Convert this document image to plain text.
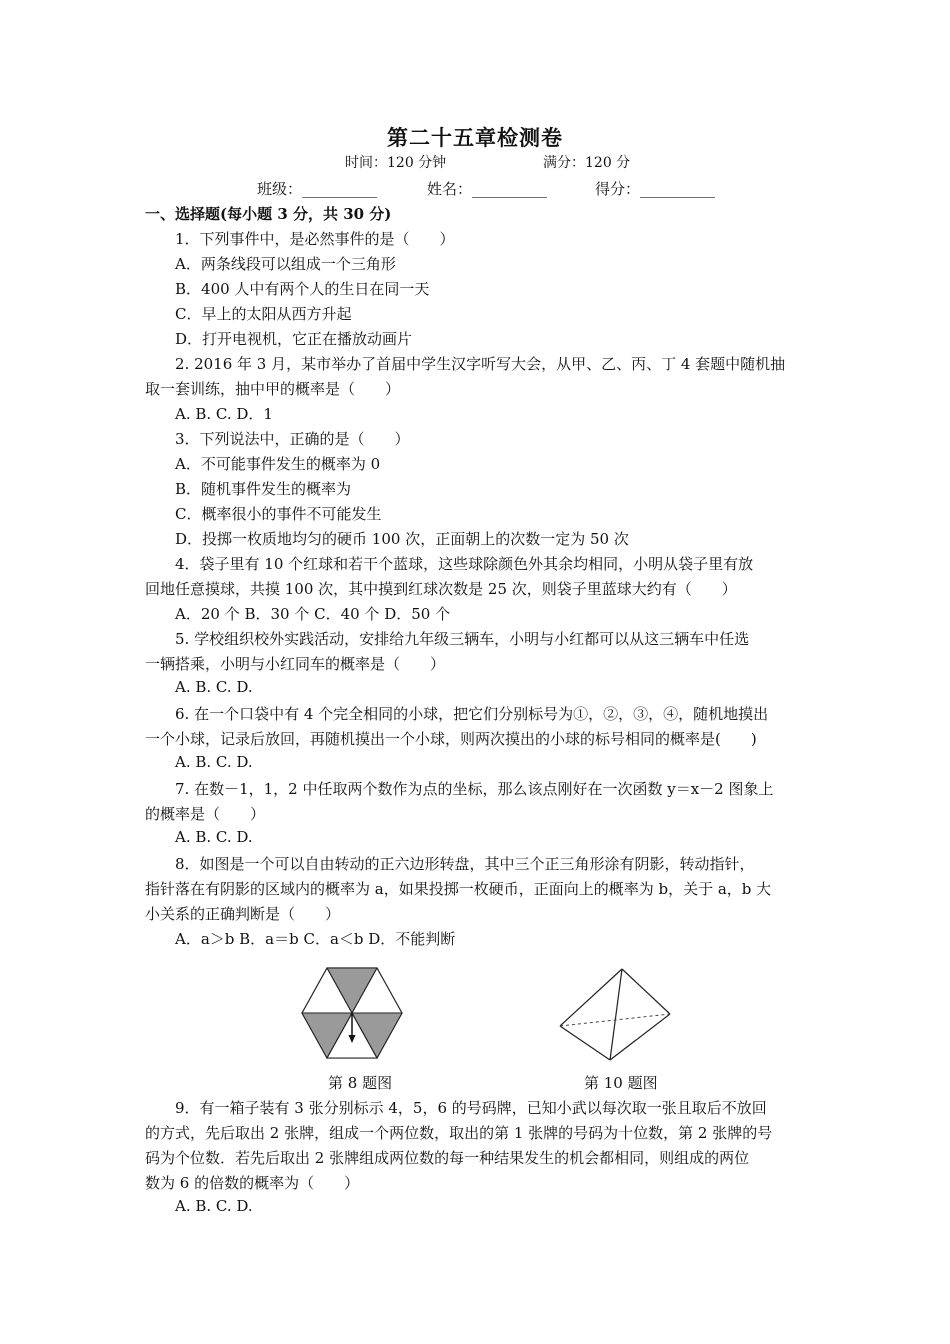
第二十五章检测卷
时间：120 分钟	满分：120 分
班级：__________	姓名：__________	得分：__________
一、选择题(每小题 3 分，共 30 分)
1．下列事件中，是必然事件的是（　　）
A．两条线段可以组成一个三角形
B．400 人中有两个人的生日在同一天
C．早上的太阳从西方升起
D．打开电视机，它正在播放动画片
2. 2016 年 3 月，某市举办了首届中学生汉字听写大会，从甲、乙、丙、丁 4 套题中随机抽
取一套训练，抽中甲的概率是（　　）
A. B. C. D．1
3．下列说法中，正确的是（　　）
A．不可能事件发生的概率为 0
B．随机事件发生的概率为
C．概率很小的事件不可能发生
D．投掷一枚质地均匀的硬币 100 次，正面朝上的次数一定为 50 次
4．袋子里有 10 个红球和若干个蓝球，这些球除颜色外其余均相同，小明从袋子里有放
回地任意摸球，共摸 100 次，其中摸到红球次数是 25 次，则袋子里蓝球大约有（　　）
A．20 个 B．30 个 C．40 个 D．50 个
5. 学校组织校外实践活动，安排给九年级三辆车，小明与小红都可以从这三辆车中任选
一辆搭乘，小明与小红同车的概率是（　　）
A. B. C. D.
6. 在一个口袋中有 4 个完全相同的小球，把它们分别标号为①，②，③，④，随机地摸出
一个小球，记录后放回，再随机摸出一个小球，则两次摸出的小球的标号相同的概率是(　　)
A. B. C. D.
7. 在数－1，1，2 中任取两个数作为点的坐标，那么该点刚好在一次函数 y＝x－2 图象上
的概率是（　　）
A. B. C. D.
8．如图是一个可以自由转动的正六边形转盘，其中三个正三角形涂有阴影，转动指针，
指针落在有阴影的区域内的概率为 a，如果投掷一枚硬币，正面向上的概率为 b，关于 a，b 大
小关系的正确判断是（　　）
A．a＞b B．a＝b C．a＜b D．不能判断
第 8 题图	第 10 题图
9．有一箱子装有 3 张分别标示 4，5，6 的号码牌，已知小武以每次取一张且取后不放回
的方式，先后取出 2 张牌，组成一个两位数，取出的第 1 张牌的号码为十位数，第 2 张牌的号
码为个位数．若先后取出 2 张牌组成两位数的每一种结果发生的机会都相同，则组成的两位
数为 6 的倍数的概率为（　　）
A. B. C. D.
